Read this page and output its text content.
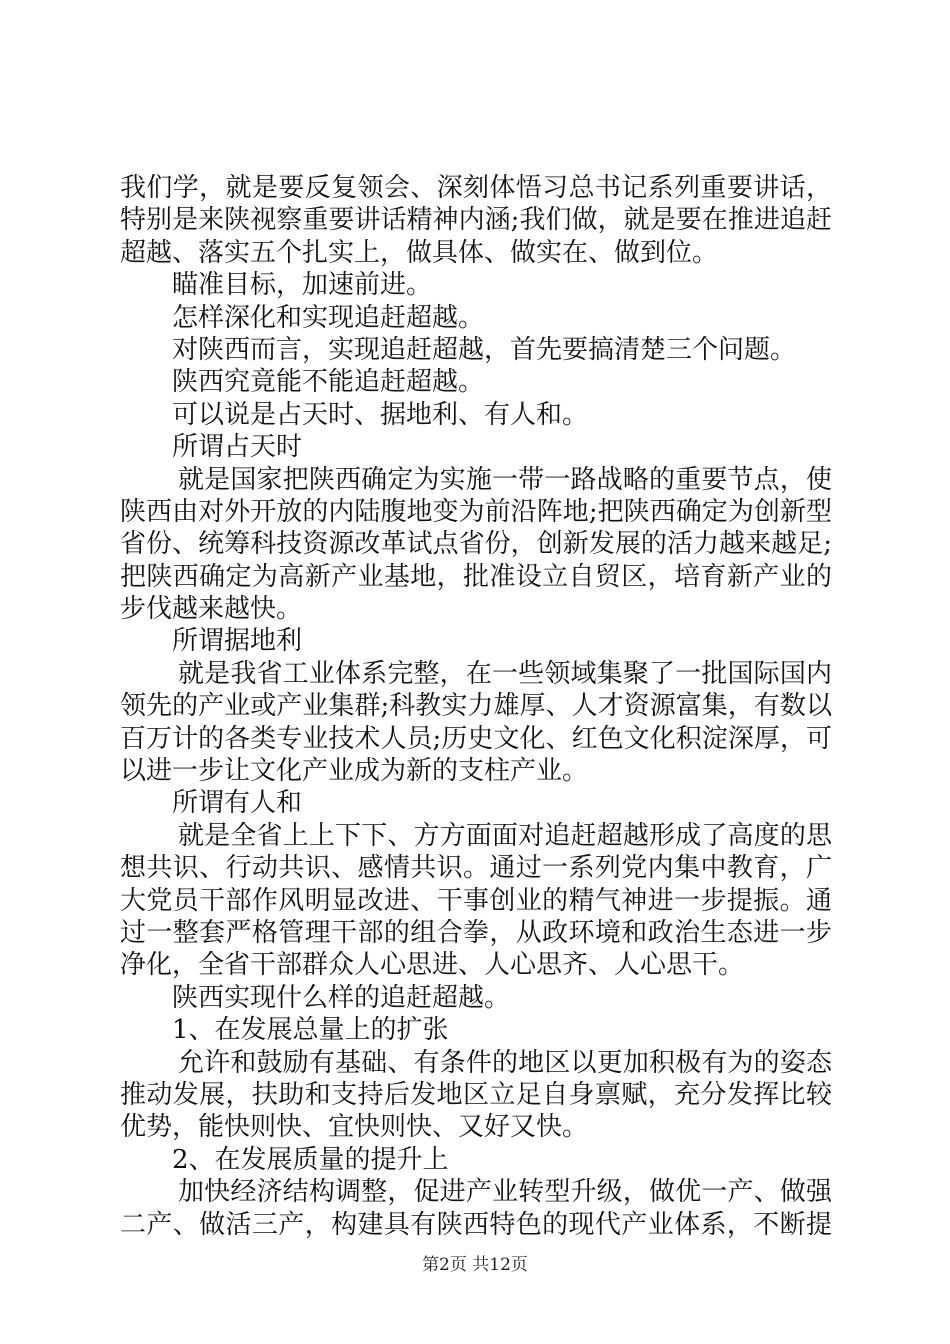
我们学，就是要反复领会、深刻体悟习总书记系列重要讲话，
特别是来陕视察重要讲话精神内涵;我们做，就是要在推进追赶
超越、落实五个扎实上，做具体、做实在、做到位。
瞄准目标，加速前进。
怎样深化和实现追赶超越。
对陕西而言，实现追赶超越，首先要搞清楚三个问题。
陕西究竟能不能追赶超越。
可以说是占天时、据地利、有人和。
所谓占天时
就是国家把陕西确定为实施一带一路战略的重要节点，使
陕西由对外开放的内陆腹地变为前沿阵地;把陕西确定为创新型
省份、统筹科技资源改革试点省份，创新发展的活力越来越足;
把陕西确定为高新产业基地，批准设立自贸区，培育新产业的
步伐越来越快。
所谓据地利
就是我省工业体系完整，在一些领域集聚了一批国际国内
领先的产业或产业集群;科教实力雄厚、人才资源富集，有数以
百万计的各类专业技术人员;历史文化、红色文化积淀深厚，可
以进一步让文化产业成为新的支柱产业。
所谓有人和
就是全省上上下下、方方面面对追赶超越形成了高度的思
想共识、行动共识、感情共识。通过一系列党内集中教育，广
大党员干部作风明显改进、干事创业的精气神进一步提振。通
过一整套严格管理干部的组合拳，从政环境和政治生态进一步
净化，全省干部群众人心思进、人心思齐、人心思干。
陕西实现什么样的追赶超越。
1、在发展总量上的扩张
允许和鼓励有基础、有条件的地区以更加积极有为的姿态
推动发展，扶助和支持后发地区立足自身禀赋，充分发挥比较
优势，能快则快、宜快则快、又好又快。
2、在发展质量的提升上
加快经济结构调整，促进产业转型升级，做优一产、做强
二产、做活三产，构建具有陕西特色的现代产业体系，不断提
第2页 共12页
